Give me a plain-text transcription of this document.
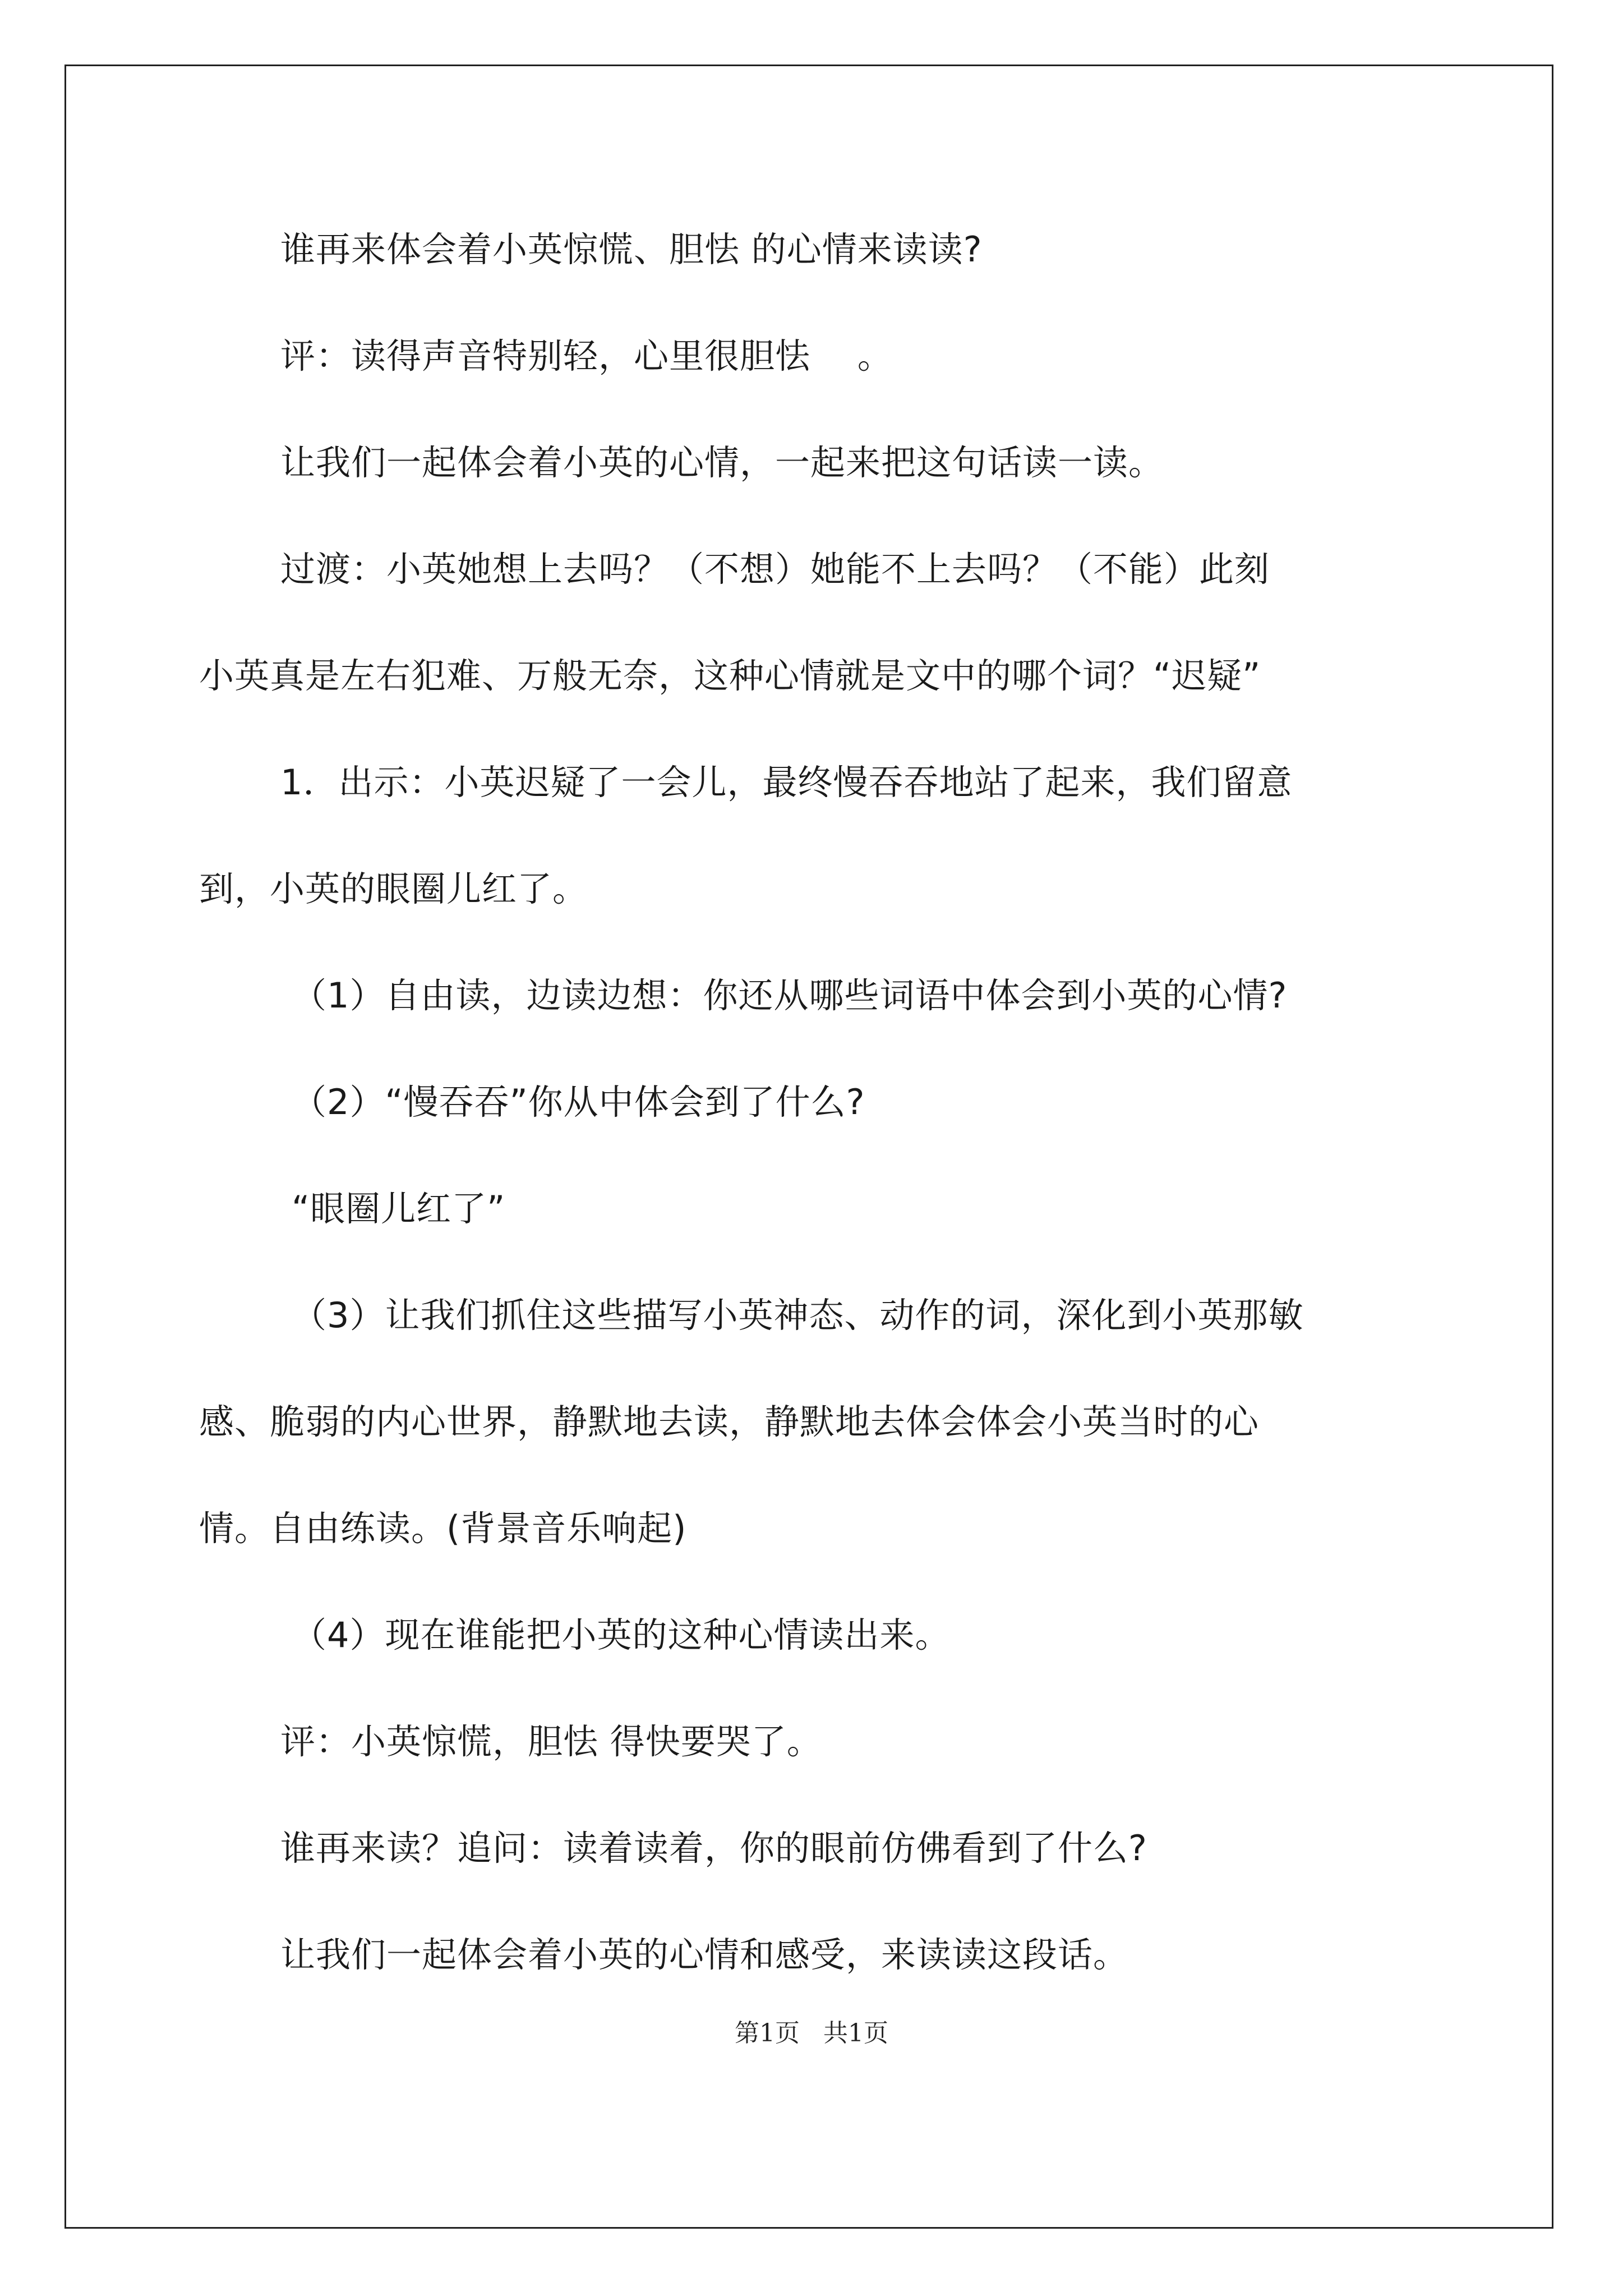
谁再来体会着小英惊慌、胆怯 的心情来读读?

评：读得声音特别轻，心里很胆怯　 。

让我们一起体会着小英的心情，一起来把这句话读一读。

过渡：小英她想上去吗？（不想）她能不上去吗？（不能）此刻

小英真是左右犯难、万般无奈，这种心情就是文中的哪个词？“迟疑”

1．出示：小英迟疑了一会儿，最终慢吞吞地站了起来，我们留意

到，小英的眼圈儿红了。

（1）自由读，边读边想：你还从哪些词语中体会到小英的心情?

（2）“慢吞吞”你从中体会到了什么?

“眼圈儿红了”

（3）让我们抓住这些描写小英神态、动作的词，深化到小英那敏

感、脆弱的内心世界，静默地去读，静默地去体会体会小英当时的心

情。自由练读。(背景音乐响起)

（4）现在谁能把小英的这种心情读出来。

评：小英惊慌，胆怯 得快要哭了。

谁再来读？追问：读着读着，你的眼前仿佛看到了什么?

让我们一起体会着小英的心情和感受，来读读这段话。

第1页 共1页
